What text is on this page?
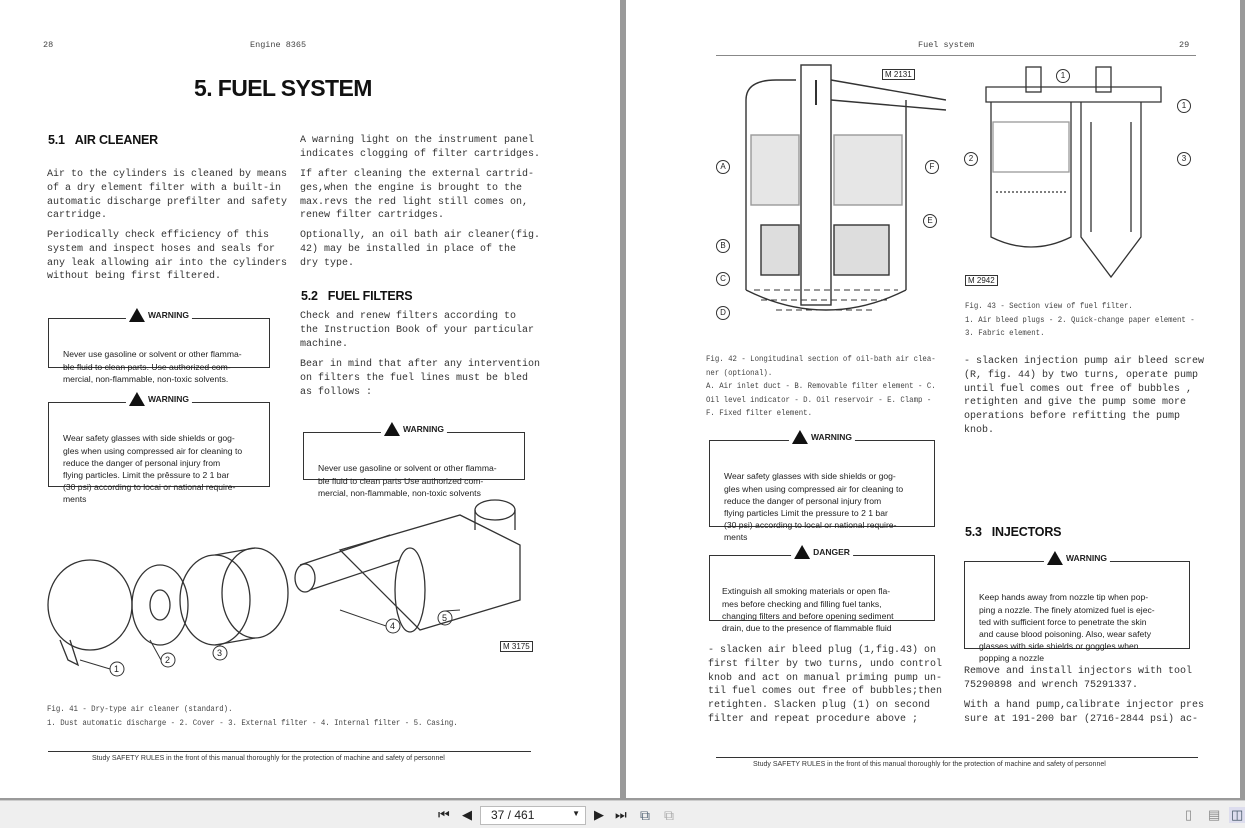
28	Engine 8365
5. FUEL SYSTEM
5.1 AIR CLEANER
Air to the cylinders is cleaned by means
of a dry element filter with a built-in
automatic discharge prefilter and safety
cartridge.
Periodically check efficiency of this
system and inspect hoses and seals for
any leak allowing air into the cylinders
without being first filtered.

WARNING

Never use gasoline or solvent or other flamma-
ble fluid to clean parts. Use authorized com-
mercial, non-flammable, non-toxic solvents.

WARNING

Wear safety glasses with side shields or gog-
gles when using compressed air for cleaning to
reduce the danger of personal injury from
flying particles. Limit the prêssure to 2 1 bar
(30 psi) according to locai or national require-
ments
A warning light on the instrument panel
indicates clogging of filter cartridges.
If after cleaning the external cartrid-
ges,when the engine is brought to the
max.revs the red light still comes on,
renew filter cartridges.
Optionally, an oil bath air cleaner(fig.
42) may be installed in place of the
dry type.
5.2 FUEL FILTERS
Check and renew filters according to
the Instruction Book of your particular
machine.
Bear in mind that after any intervention
on filters the fuel lines must be bled
as follows :

WARNING

Never use gasoline or solvent or other flamma-
ble fluid to clean parts Use authorized com-
mercial, non-flammable, non-toxic solvents
1
2
3
4
5
M 3175
Fig. 41 - Dry-type air cleaner (standard).
1. Dust automatic discharge - 2. Cover - 3. External filter - 4. Internal filter - 5. Casing.
Study SAFETY RULES in the front of this manual thoroughly for the protection of machine and safety of personnel
Fuel system	29
M 2131
A
B
C
D
E
F
1
1
2	3
M 2942
Fig. 42 - Longitudinal section of oil-bath air clea-
ner (optional).
A. Air inlet duct - B. Removable filter element - C.
Oil level indicator - D. Oil reservoir - E. Clamp -
F. Fixed filter element.
Fig. 43 - Section view of fuel filter.
1. Air bleed plugs - 2. Quick-change paper element -
3. Fabric element.
- slacken injection pump air bleed screw
(R, fig. 44) by two turns, operate pump
until fuel comes out free of bubbles ,
retighten and give the pump some more
operations before refitting the pump
knob.

WARNING

Wear safety glasses with side shields or gog-
gles when using compressed air for cleaning to
reduce the danger of personal injury from
flying particles Limit the pressure to 2 1 bar
(30 psi) according to local or national require-
ments

DANGER

Extinguish all smoking materials or open fla-
mes before checking and filling fuel tanks,
changing filters and before opening sediment
drain, due to the presence of flammable fluid
- slacken air bleed plug (1,fig.43) on
first filter by two turns, undo control
knob and act on manual priming pump un-
til fuel comes out free of bubbles;then
retighten. Slacken plug (1) on second
filter and repeat procedure above ;
5.3 INJECTORS

WARNING

Keep hands away from nozzle tip when pop-
ping a nozzle. The finely atomized fuel is ejec-
ted with sufficient force to penetrate the skin
and cause blood poisoning. Also, wear safety
glasses with side shields or goggles when
popping a nozzle
Remove and install injectors with tool
75290898 and wrench 75291337.
With a hand pump,calibrate injector pres
sure at 191-200 bar (2716-2844 psi) ac-
Study SAFETY RULES in the front of this manual thoroughly for the protection of machine and safety of personnel
⏮ ◀	37 / 461	▼ ▶ ⏭ ⧉ ⧉	▯ ▤ ◫
